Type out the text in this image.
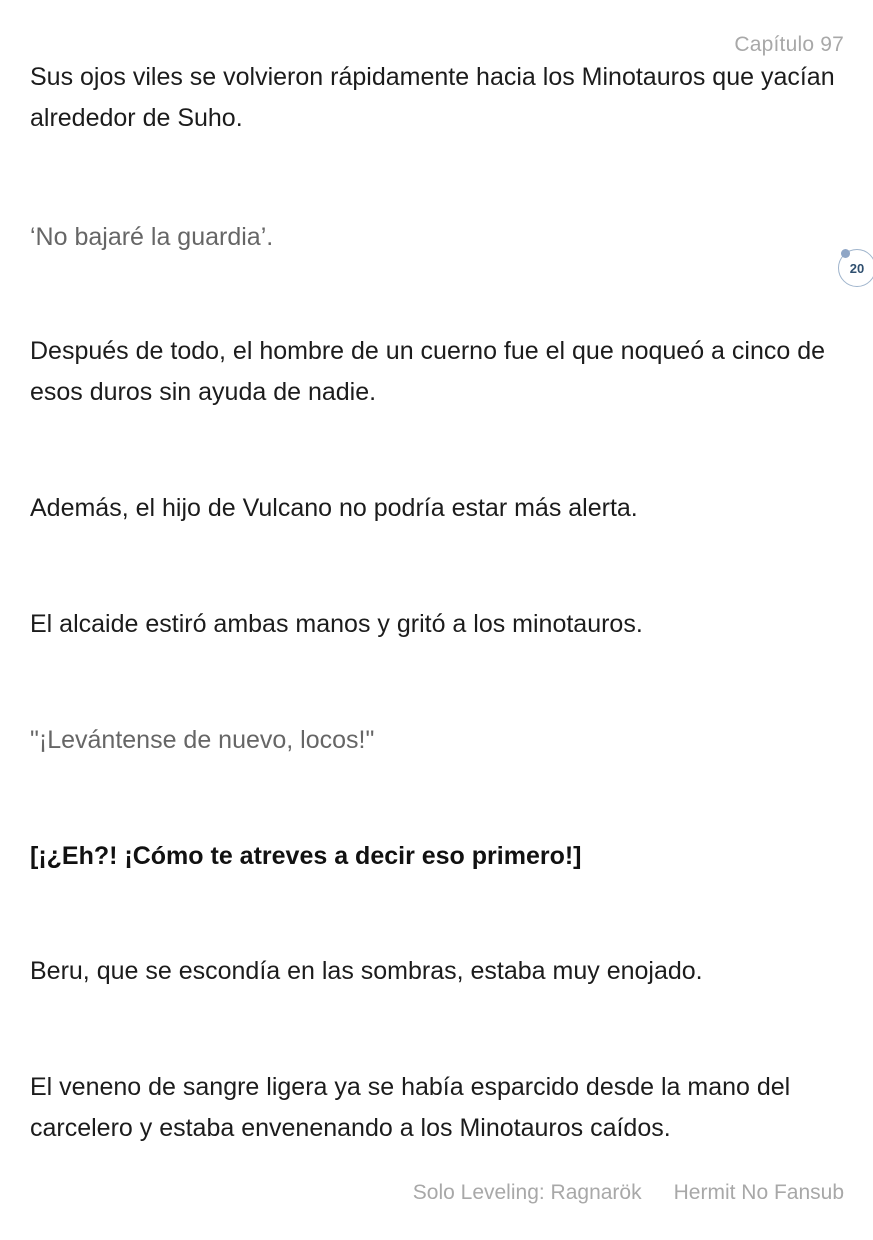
Capítulo 97
20

Sus ojos viles se volvieron rápidamente hacia los Minotauros que yacían alrededor de Suho.

‘No bajaré la guardia’.

Después de todo, el hombre de un cuerno fue el que noqueó a cinco de esos duros sin ayuda de nadie.

Además, el hijo de Vulcano no podría estar más alerta.

El alcaide estiró ambas manos y gritó a los minotauros.

"¡Levántense de nuevo, locos!"

[¡¿Eh?! ¡Cómo te atreves a decir eso primero!]

Beru, que se escondía en las sombras, estaba muy enojado.

El veneno de sangre ligera ya se había esparcido desde la mano del carcelero y estaba envenenando a los Minotauros caídos.

Solo Leveling: Ragnarök Hermit No Fansub
